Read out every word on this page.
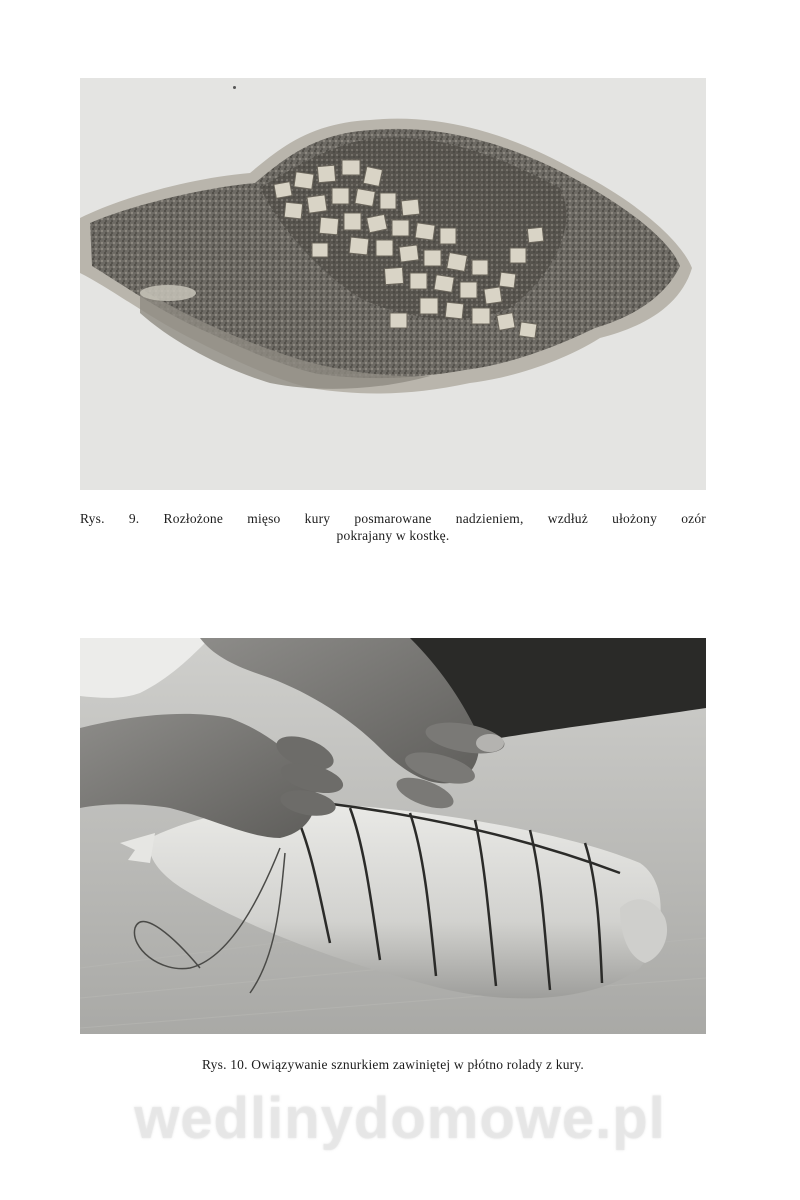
Rys. 9. Rozłożone mięso kury posmarowane nadzieniem, wzdłuż ułożony ozór
pokrajany w kostkę.
Rys. 10. Owiązywanie sznurkiem zawiniętej w płótno rolady z kury.
wedlinydomowe.pl
